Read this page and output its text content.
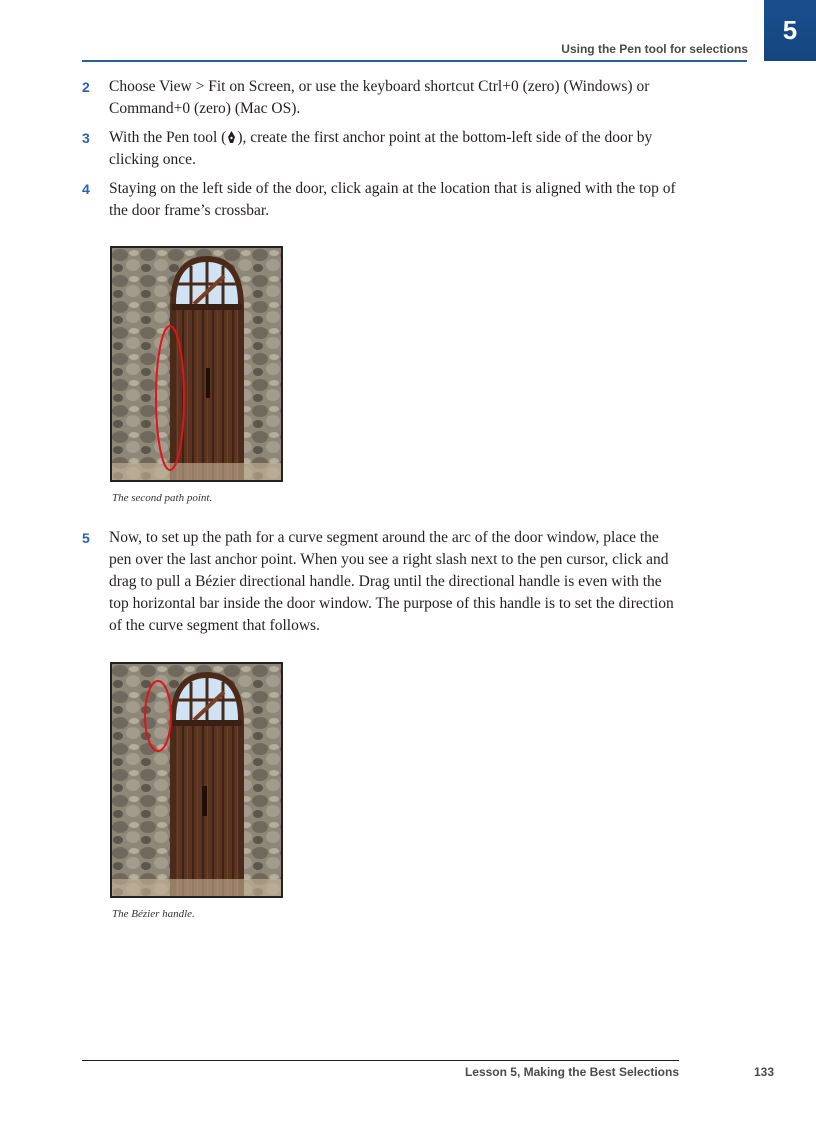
Using the Pen tool for selections
5
2 Choose View > Fit on Screen, or use the keyboard shortcut Ctrl+0 (zero) (Windows) or Command+0 (zero) (Mac OS).
3 With the Pen tool ( ), create the first anchor point at the bottom-left side of the door by clicking once.
4 Staying on the left side of the door, click again at the location that is aligned with the top of the door frame’s crossbar.
The second path point.
5 Now, to set up the path for a curve segment around the arc of the door window, place the pen over the last anchor point. When you see a right slash next to the pen cursor, click and drag to pull a Bézier directional handle. Drag until the directional handle is even with the top horizontal bar inside the door window. The purpose of this handle is to set the direction of the curve segment that follows.
The Bézier handle.
Lesson 5, Making the Best Selections	133
